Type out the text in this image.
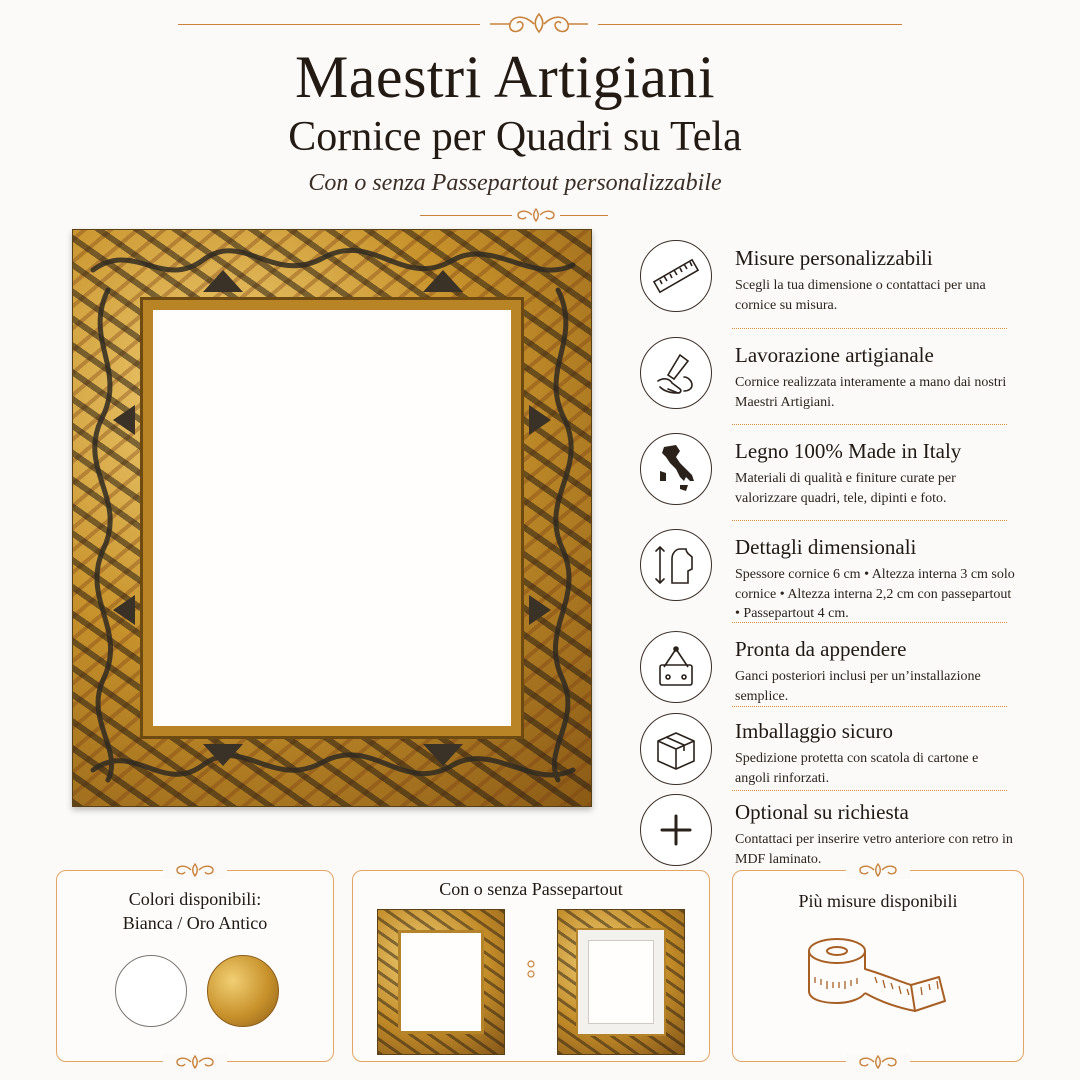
Maestri Artigiani
Cornice per Quadri su Tela
Con o senza Passepartout personalizzabile
Misure personalizzabili
Scegli la tua dimensione o contattaci per una cornice su misura.
Lavorazione artigianale
Cornice realizzata interamente a mano dai nostri Maestri Artigiani.
Legno 100% Made in Italy
Materiali di qualità e finiture curate per valorizzare quadri, tele, dipinti e foto.
Dettagli dimensionali
Spessore cornice 6 cm • Altezza interna 3 cm solo cornice • Altezza interna 2,2 cm con passepartout • Passepartout 4 cm.
Pronta da appendere
Ganci posteriori inclusi per un’installazione semplice.
Imballaggio sicuro
Spedizione protetta con scatola di cartone e angoli rinforzati.
Optional su richiesta
Contattaci per inserire vetro anteriore con retro in MDF laminato.
Colori disponibili:
Bianca / Oro Antico
Con o senza Passepartout
Più misure disponibili
